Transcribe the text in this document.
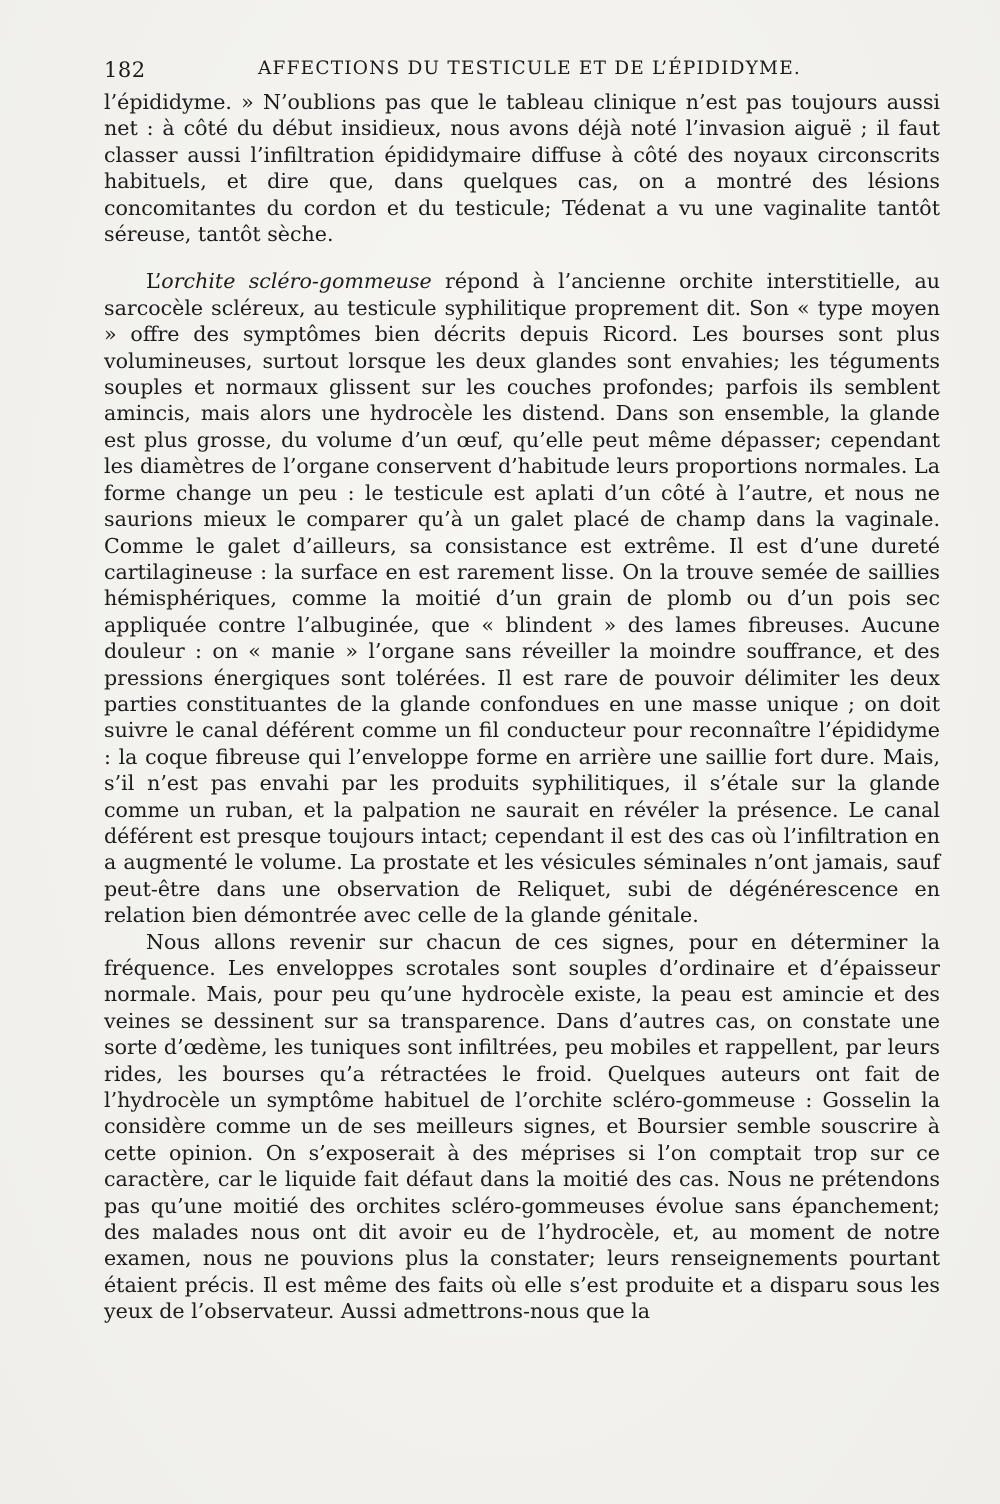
182	AFFECTIONS DU TESTICULE ET DE L’ÉPIDIDYME.

l’épididyme. » N’oublions pas que le tableau clinique n’est pas toujours aussi net : à côté du début insidieux, nous avons déjà noté l’invasion aiguë ; il faut classer aussi l’infiltration épididymaire diffuse à côté des noyaux circonscrits habituels, et dire que, dans quelques cas, on a montré des lésions concomitantes du cordon et du testicule; Tédenat a vu une vaginalite tantôt séreuse, tantôt sèche.

L’orchite scléro-gommeuse répond à l’ancienne orchite interstitielle, au sarcocèle scléreux, au testicule syphilitique proprement dit. Son « type moyen » offre des symptômes bien décrits depuis Ricord. Les bourses sont plus volumineuses, surtout lorsque les deux glandes sont envahies; les téguments souples et normaux glissent sur les couches profondes; parfois ils semblent amincis, mais alors une hydrocèle les distend. Dans son ensemble, la glande est plus grosse, du volume d’un œuf, qu’elle peut même dépasser; cependant les diamètres de l’organe conservent d’habitude leurs proportions normales. La forme change un peu : le testicule est aplati d’un côté à l’autre, et nous ne saurions mieux le comparer qu’à un galet placé de champ dans la vaginale. Comme le galet d’ailleurs, sa consistance est extrême. Il est d’une dureté cartilagineuse : la surface en est rarement lisse. On la trouve semée de saillies hémisphériques, comme la moitié d’un grain de plomb ou d’un pois sec appliquée contre l’albuginée, que « blindent » des lames fibreuses. Aucune douleur : on « manie » l’organe sans réveiller la moindre souffrance, et des pressions énergiques sont tolérées. Il est rare de pouvoir délimiter les deux parties constituantes de la glande confondues en une masse unique ; on doit suivre le canal déférent comme un fil conducteur pour reconnaître l’épididyme : la coque fibreuse qui l’enveloppe forme en arrière une saillie fort dure. Mais, s’il n’est pas envahi par les produits syphilitiques, il s’étale sur la glande comme un ruban, et la palpation ne saurait en révéler la présence. Le canal déférent est presque toujours intact; cependant il est des cas où l’infiltration en a augmenté le volume. La prostate et les vésicules séminales n’ont jamais, sauf peut-être dans une observation de Reliquet, subi de dégénérescence en relation bien démontrée avec celle de la glande génitale.

Nous allons revenir sur chacun de ces signes, pour en déterminer la fréquence. Les enveloppes scrotales sont souples d’ordinaire et d’épaisseur normale. Mais, pour peu qu’une hydrocèle existe, la peau est amincie et des veines se dessinent sur sa transparence. Dans d’autres cas, on constate une sorte d’œdème, les tuniques sont infiltrées, peu mobiles et rappellent, par leurs rides, les bourses qu’a rétractées le froid. Quelques auteurs ont fait de l’hydrocèle un symptôme habituel de l’orchite scléro-gommeuse : Gosselin la considère comme un de ses meilleurs signes, et Boursier semble souscrire à cette opinion. On s’exposerait à des méprises si l’on comptait trop sur ce caractère, car le liquide fait défaut dans la moitié des cas. Nous ne prétendons pas qu’une moitié des orchites scléro-gommeuses évolue sans épanchement; des malades nous ont dit avoir eu de l’hydrocèle, et, au moment de notre examen, nous ne pouvions plus la constater; leurs renseignements pourtant étaient précis. Il est même des faits où elle s’est produite et a disparu sous les yeux de l’observateur. Aussi admettrons-nous que la
